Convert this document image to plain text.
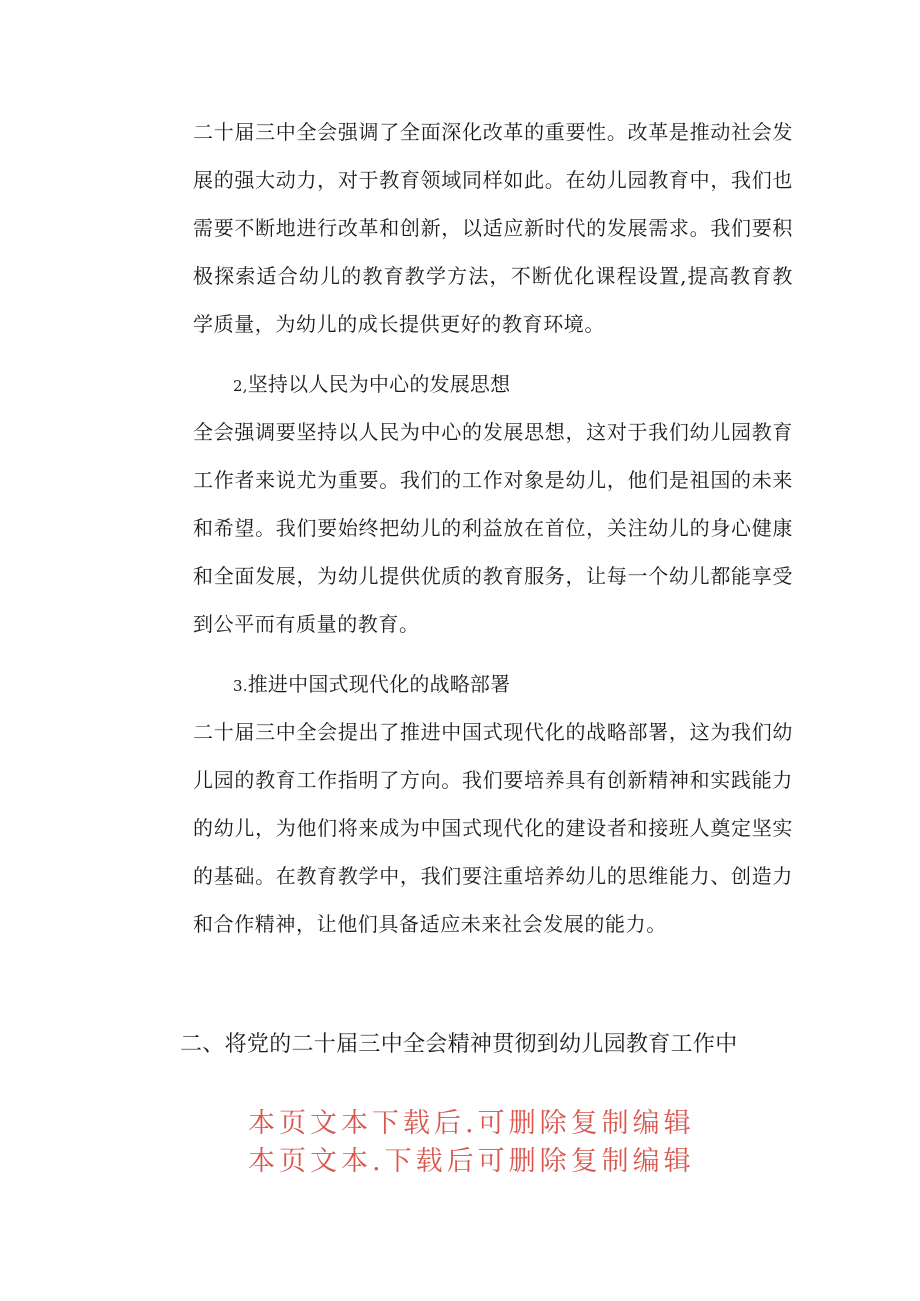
二十届三中全会强调了全面深化改革的重要性。改革是推动社会发展的强大动力，对于教育领域同样如此。在幼儿园教育中，我们也需要不断地进行改革和创新，以适应新时代的发展需求。我们要积极探索适合幼儿的教育教学方法，不断优化课程设置,提高教育教学质量，为幼儿的成长提供更好的教育环境。

2,坚持以人民为中心的发展思想

全会强调要坚持以人民为中心的发展思想，这对于我们幼儿园教育工作者来说尤为重要。我们的工作对象是幼儿，他们是祖国的未来和希望。我们要始终把幼儿的利益放在首位，关注幼儿的身心健康和全面发展，为幼儿提供优质的教育服务，让每一个幼儿都能享受到公平而有质量的教育。

3.推进中国式现代化的战略部署

二十届三中全会提出了推进中国式现代化的战略部署，这为我们幼儿园的教育工作指明了方向。我们要培养具有创新精神和实践能力的幼儿，为他们将来成为中国式现代化的建设者和接班人奠定坚实的基础。在教育教学中，我们要注重培养幼儿的思维能力、创造力和合作精神，让他们具备适应未来社会发展的能力。

二、将党的二十届三中全会精神贯彻到幼儿园教育工作中

本页文本下载后.可删除复制编辑

本页文本.下载后可删除复制编辑
